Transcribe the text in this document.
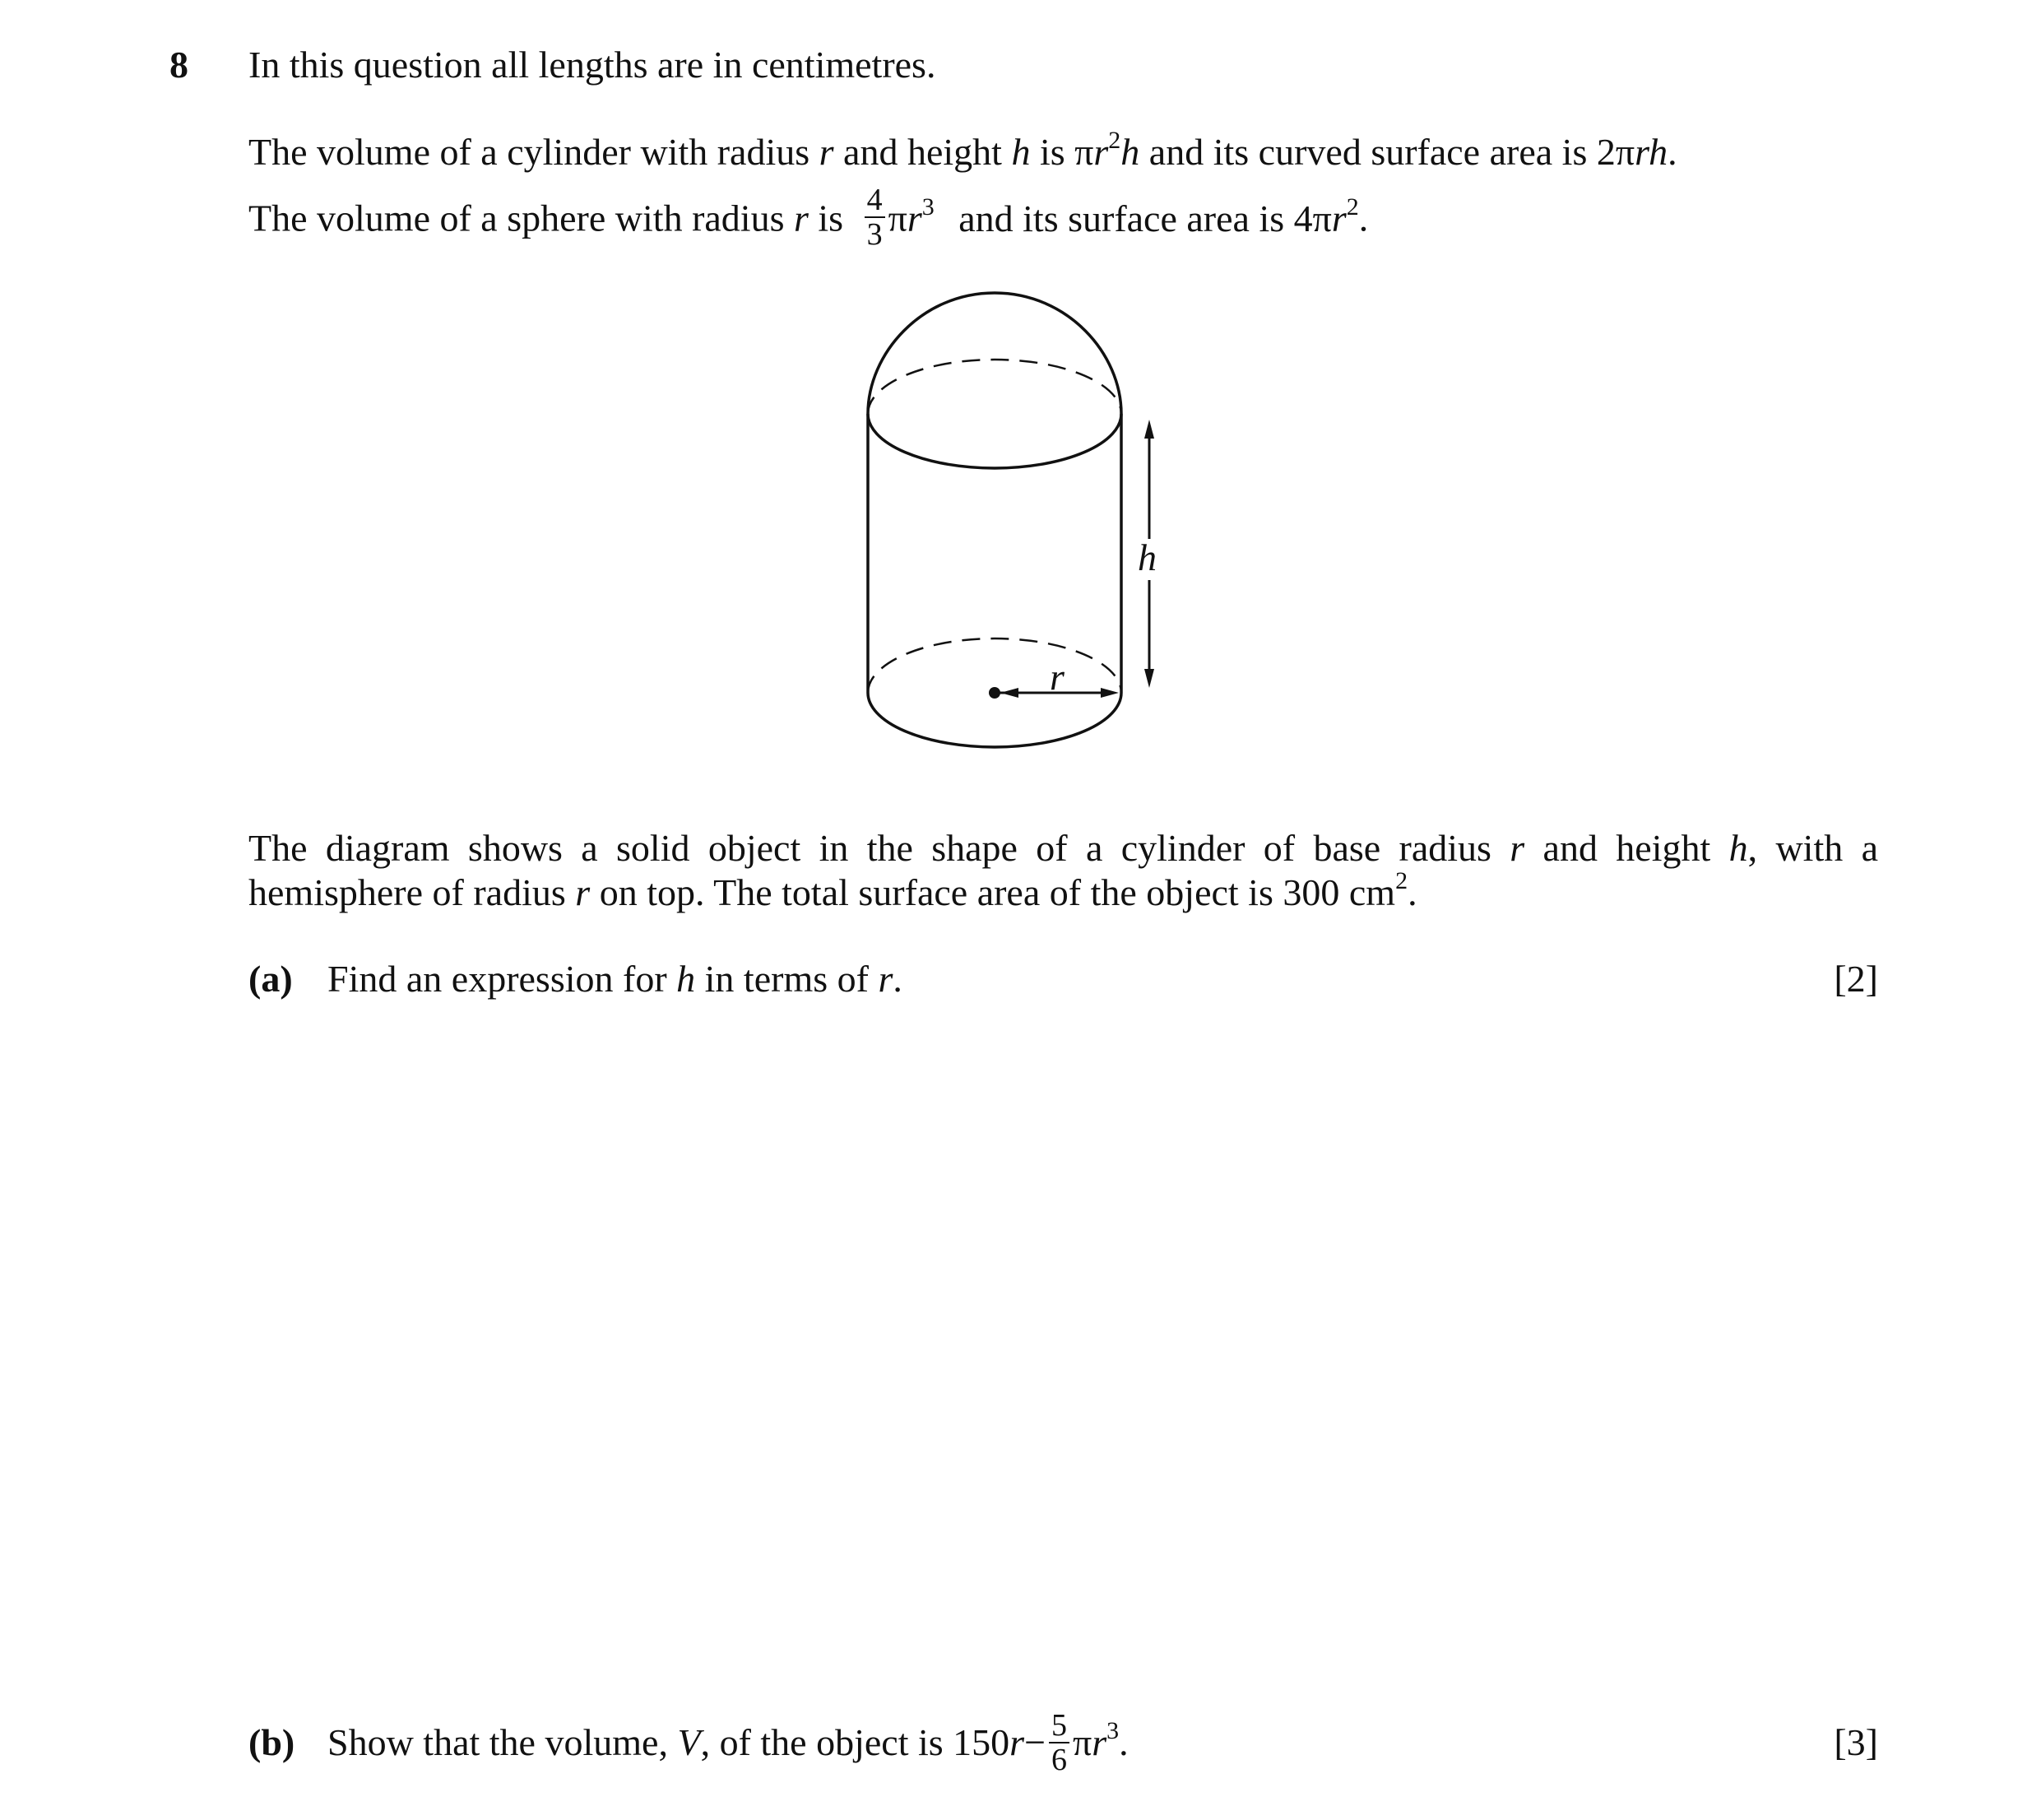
8 In this question all lengths are in centimetres.
The volume of a cylinder with radius r and height h is $\pi r^2h$ and its curved surface area is 2πrh.
The volume of a sphere with radius r is $\frac{4}{3} \pi r^3$ and its surface area is $4\pi r^2$.
h
r
The diagram shows a solid object in the shape of a cylinder of base radius r and height h, with a hemisphere of radius r on top. The total surface area of the object is 300 $cm^2$.
(a) Find an expression for h in terms of r.	[2]
(b) Show that the volume, V, of the object is $150r- \frac{5}{6} \pi r^3$.	[3]
